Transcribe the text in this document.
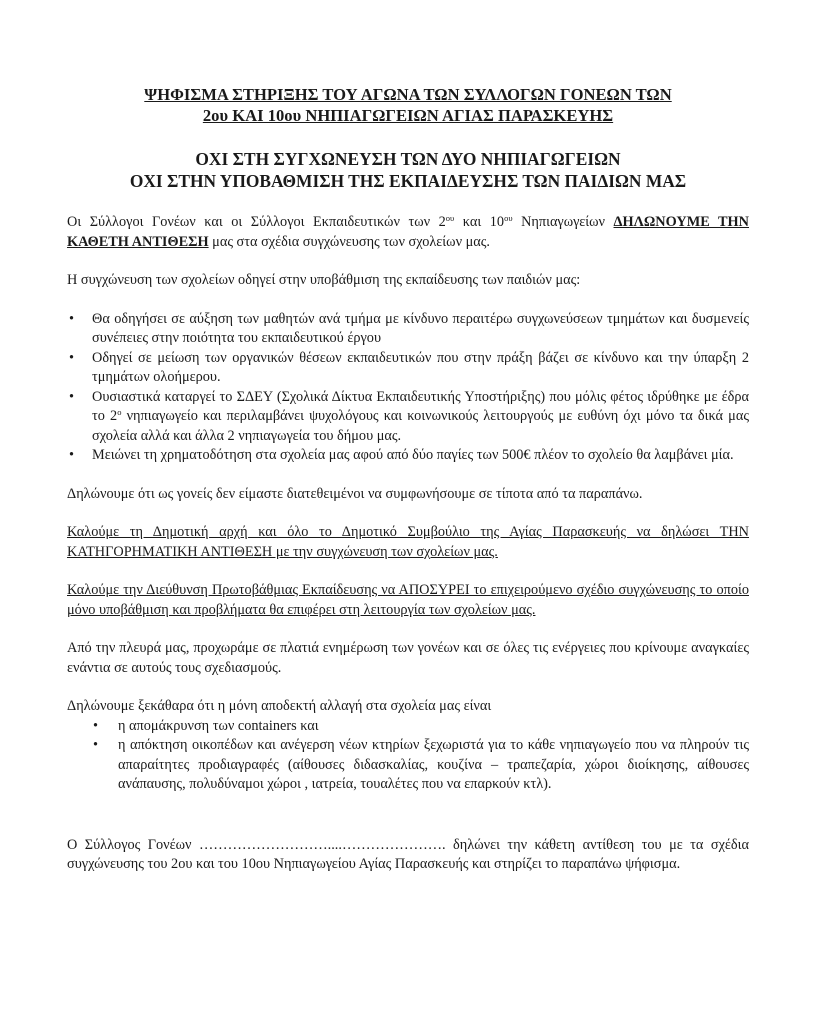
ΨΗΦΙΣΜΑ ΣΤΗΡΙΞΗΣ ΤΟΥ ΑΓΩΝΑ ΤΩΝ ΣΥΛΛΟΓΩΝ ΓΟΝΕΩΝ ΤΩΝ
2ου ΚΑΙ 10ου ΝΗΠΙΑΓΩΓΕΙΩΝ ΑΓΙΑΣ ΠΑΡΑΣΚΕΥΗΣ
ΟΧΙ ΣΤΗ ΣΥΓΧΩΝΕΥΣΗ ΤΩΝ ΔΥΟ ΝΗΠΙΑΓΩΓΕΙΩΝ
ΟΧΙ ΣΤΗΝ ΥΠΟΒΑΘΜΙΣΗ ΤΗΣ ΕΚΠΑΙΔΕΥΣΗΣ ΤΩΝ ΠΑΙΔΙΩΝ ΜΑΣ

Οι Σύλλογοι Γονέων και οι Σύλλογοι Εκπαιδευτικών των $2^{o\upsilon}$ και $10^{o\upsilon}$ Νηπιαγωγείων ΔΗΛΩΝΟΥΜΕ ΤΗΝ ΚΑΘΕΤΗ ΑΝΤΙΘΕΣΗ μας στα σχέδια συγχώνευσης των σχολείων μας.

Η συγχώνευση των σχολείων οδηγεί στην υποβάθμιση της εκπαίδευσης των παιδιών μας:

• Θα οδηγήσει σε αύξηση των μαθητών ανά τμήμα με κίνδυνο περαιτέρω συγχωνεύσεων τμημάτων και δυσμενείς συνέπειες στην ποιότητα του εκπαιδευτικού έργου
• Οδηγεί σε μείωση των οργανικών θέσεων εκπαιδευτικών που στην πράξη βάζει σε κίνδυνο και την ύπαρξη 2 τμημάτων ολοήμερου.
• Ουσιαστικά καταργεί το ΣΔΕΥ (Σχολικά Δίκτυα Εκπαιδευτικής Υποστήριξης) που μόλις φέτος ιδρύθηκε με έδρα το $2^o$ νηπιαγωγείο και περιλαμβάνει ψυχολόγους και κοινωνικούς λειτουργούς με ευθύνη όχι μόνο τα δικά μας σχολεία αλλά και άλλα 2 νηπιαγωγεία του δήμου μας.
• Μειώνει τη χρηματοδότηση στα σχολεία μας αφού από δύο παγίες των 500€ πλέον το σχολείο θα λαμβάνει μία.

Δηλώνουμε ότι ως γονείς δεν είμαστε διατεθειμένοι να συμφωνήσουμε σε τίποτα από τα παραπάνω.

Καλούμε τη Δημοτική αρχή και όλο το Δημοτικό Συμβούλιο της Αγίας Παρασκευής να δηλώσει ΤΗΝ ΚΑΤΗΓΟΡΗΜΑΤΙΚΗ ΑΝΤΙΘΕΣΗ με την συγχώνευση των σχολείων μας.

Καλούμε την Διεύθυνση Πρωτοβάθμιας Εκπαίδευσης να ΑΠΟΣΥΡΕΙ το επιχειρούμενο σχέδιο συγχώνευσης το οποίο μόνο υποβάθμιση και προβλήματα θα επιφέρει στη λειτουργία των σχολείων μας.

Από την πλευρά μας, προχωράμε σε πλατιά ενημέρωση των γονέων και σε όλες τις ενέργειες που κρίνουμε αναγκαίες ενάντια σε αυτούς τους σχεδιασμούς.

Δηλώνουμε ξεκάθαρα ότι η μόνη αποδεκτή αλλαγή στα σχολεία μας είναι

• η απομάκρυνση των containers και
• η απόκτηση οικοπέδων και ανέγερση νέων κτηρίων ξεχωριστά για το κάθε νηπιαγωγείο που να πληρούν τις απαραίτητες προδιαγραφές (αίθουσες διδασκαλίας, κουζίνα – τραπεζαρία, χώροι διοίκησης, αίθουσες ανάπαυσης, πολυδύναμοι χώροι , ιατρεία, τουαλέτες που να επαρκούν κτλ).

Ο Σύλλογος Γονέων ………………………....…………………. δηλώνει την κάθετη αντίθεση του με τα σχέδια συγχώνευσης του 2ου και του 10ου Νηπιαγωγείου Αγίας Παρασκευής και στηρίζει το παραπάνω ψήφισμα.
